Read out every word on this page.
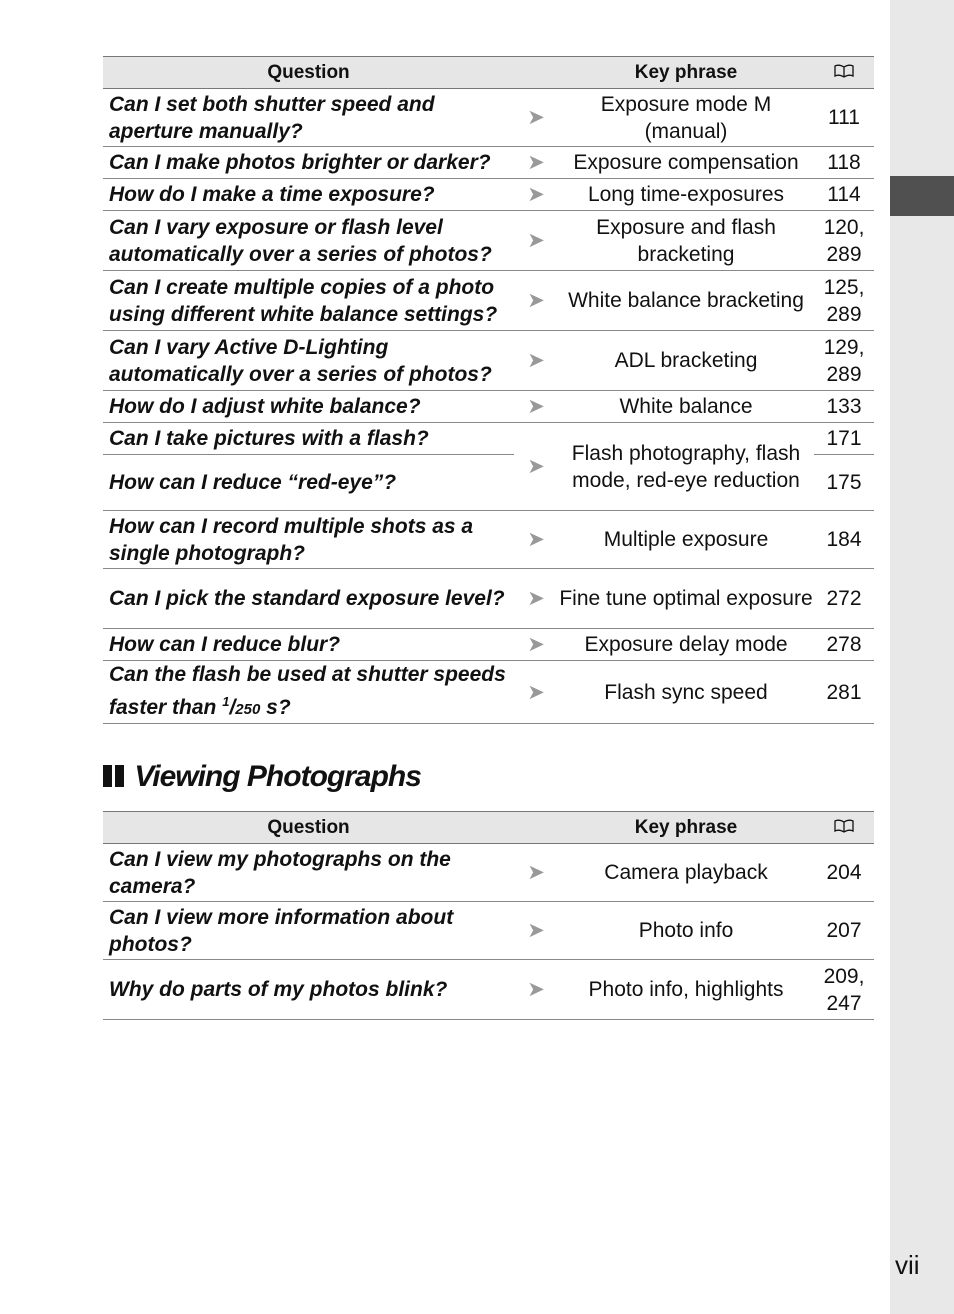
vii
Question		Key phrase	
Can I set both shutter speed and aperture manually?	➤	Exposure mode M (manual)	111
Can I make photos brighter or darker?	➤	Exposure compensation	118
How do I make a time exposure?	➤	Long time-exposures	114
Can I vary exposure or flash level automatically over a series of photos?	➤	Exposure and flash bracketing	120, 289
Can I create multiple copies of a photo using different white balance settings?	➤	White balance bracketing	125, 289
Can I vary Active D-Lighting automatically over a series of photos?	➤	ADL bracketing	129, 289
How do I adjust white balance?	➤	White balance	133
Can I take pictures with a flash?	➤	Flash photography, flash mode, red-eye reduction	171
How can I reduce “red-eye”?			175
How can I record multiple shots as a single photograph?	➤	Multiple exposure	184
Can I pick the standard exposure level?	➤	Fine tune optimal exposure	272
How can I reduce blur?	➤	Exposure delay mode	278
Can the flash be used at shutter speeds faster than $^1$/250 s?	➤	Flash sync speed	281
Viewing Photographs
Question		Key phrase	
Can I view my photographs on the camera?	➤	Camera playback	204
Can I view more information about photos?	➤	Photo info	207
Why do parts of my photos blink?	➤	Photo info, highlights	209, 247
